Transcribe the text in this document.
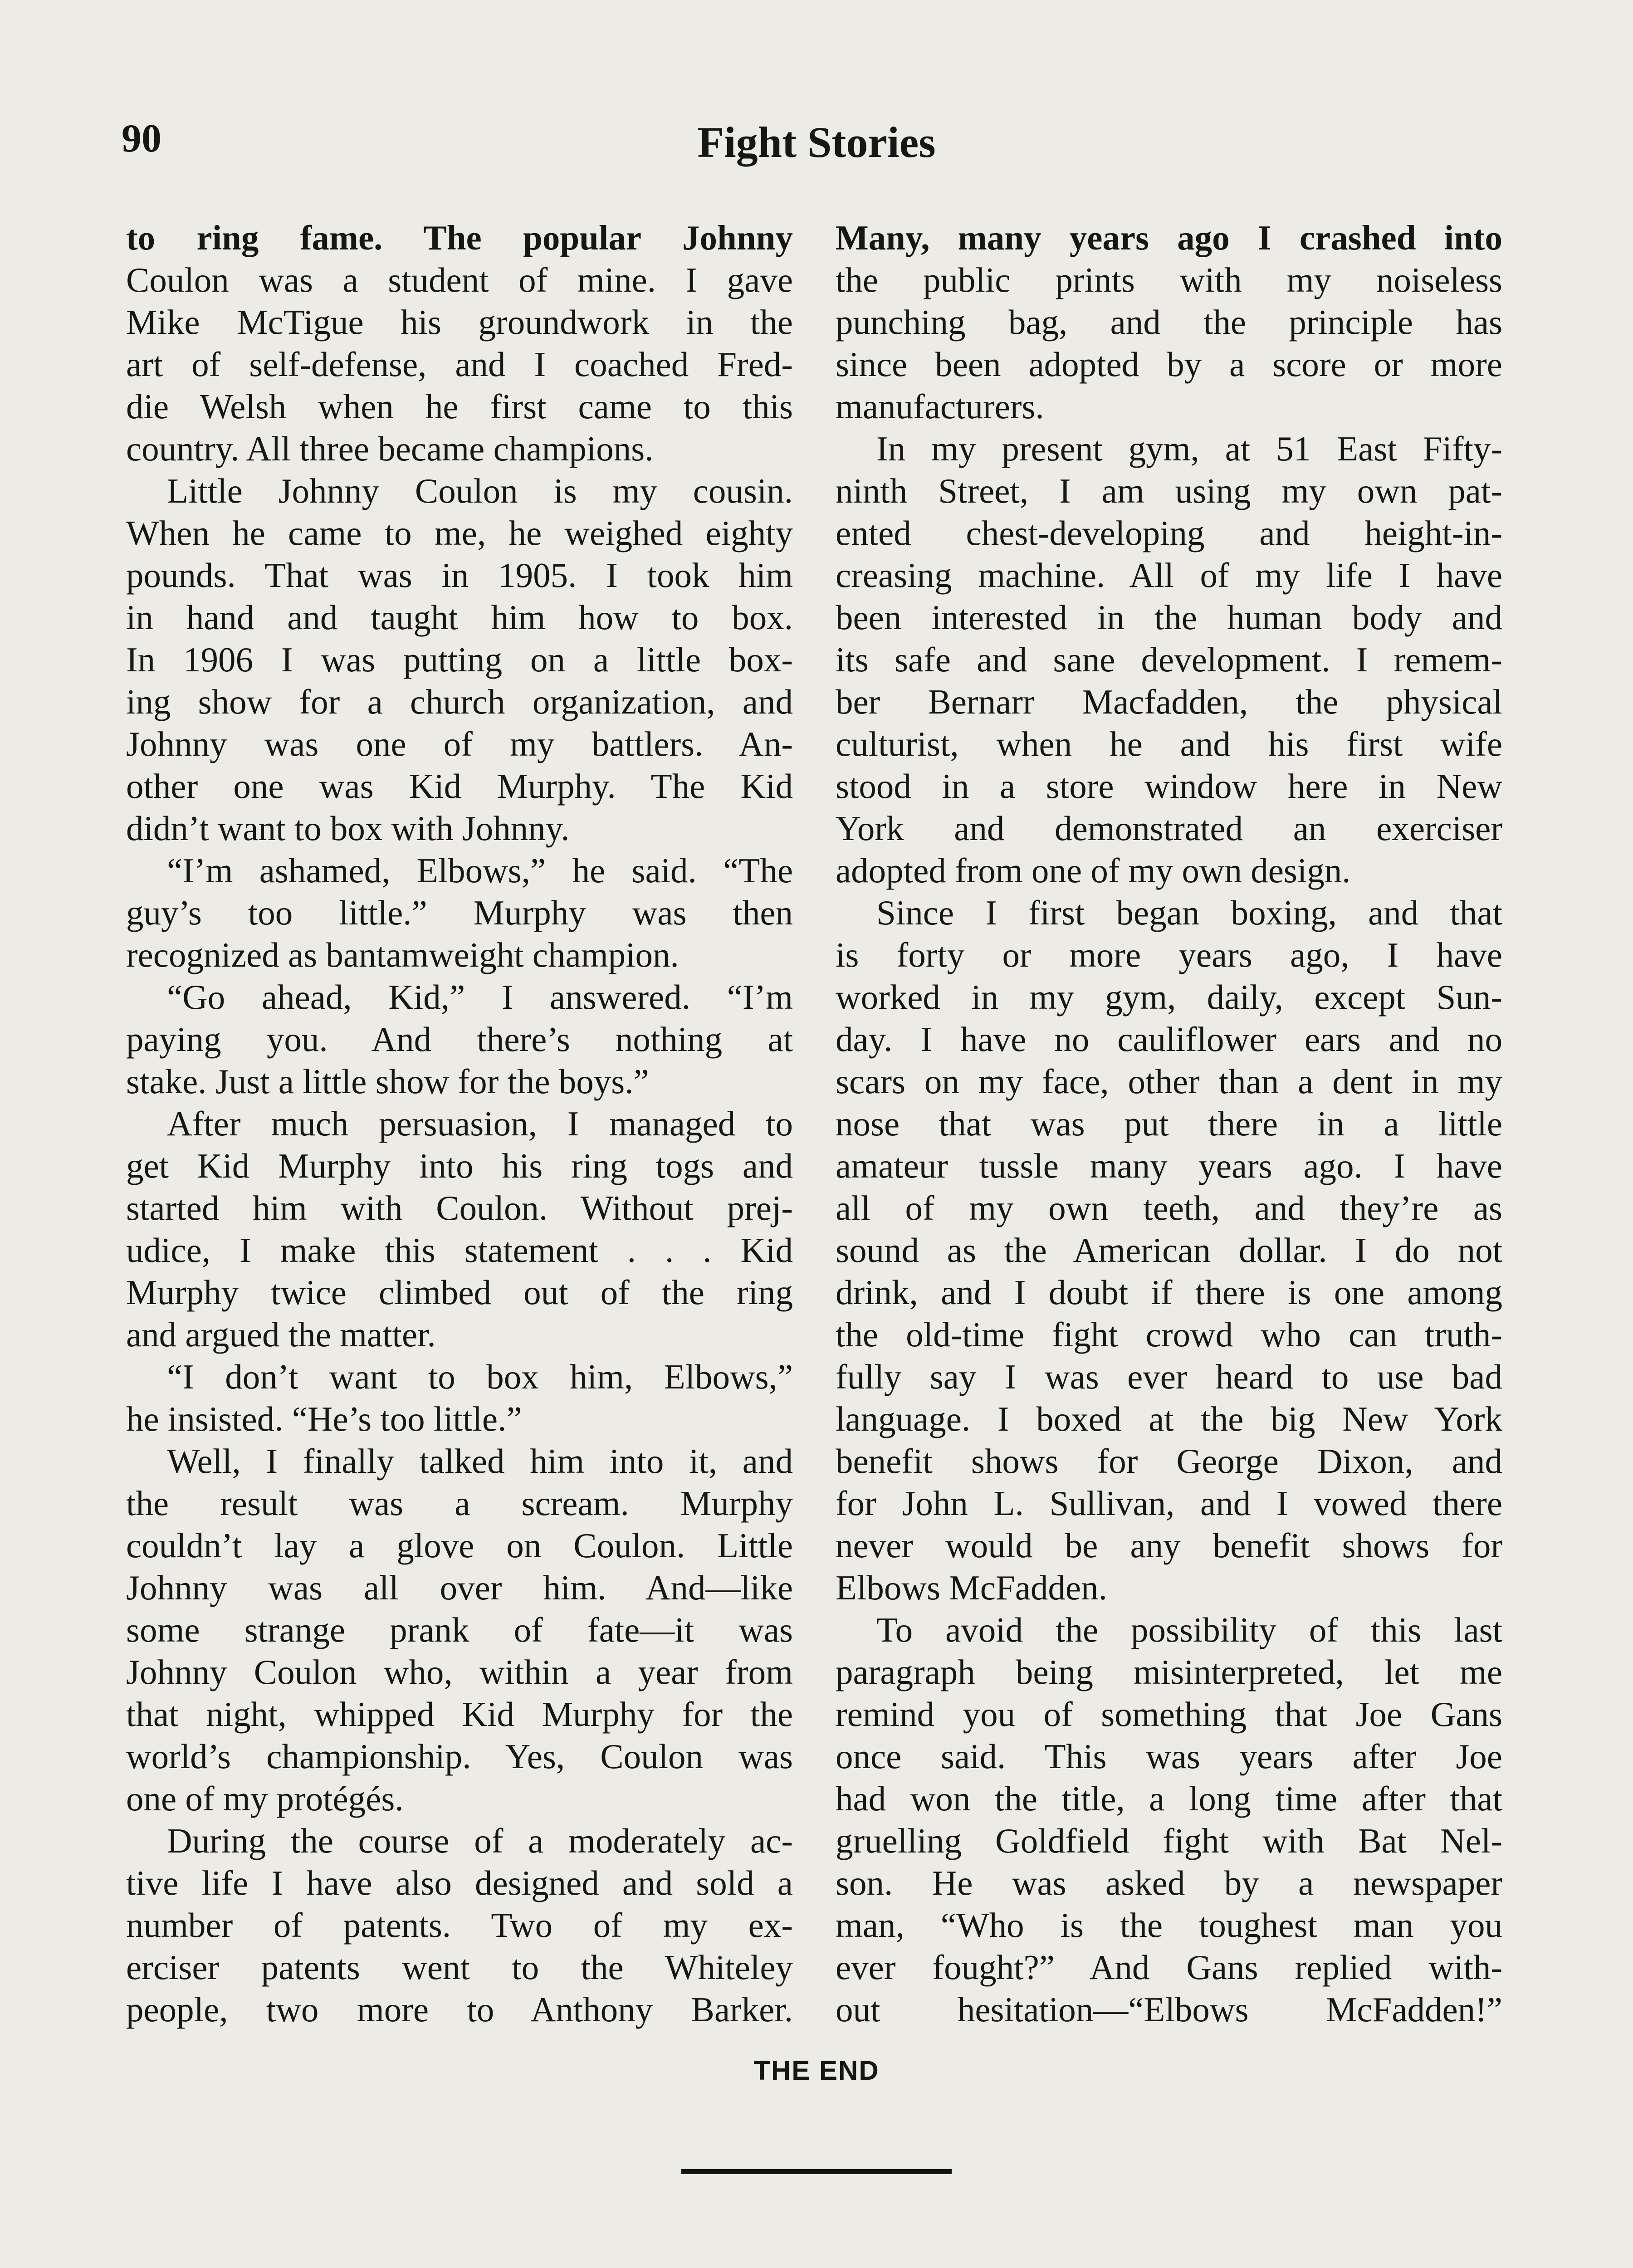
90	Fight Stories
to ring fame. The popular Johnny
Coulon was a student of mine. I gave
Mike McTigue his groundwork in the
art of self-defense, and I coached Fred-
die Welsh when he first came to this
country. All three became champions.
Little Johnny Coulon is my cousin.
When he came to me, he weighed eighty
pounds. That was in 1905. I took him
in hand and taught him how to box.
In 1906 I was putting on a little box-
ing show for a church organization, and
Johnny was one of my battlers. An-
other one was Kid Murphy. The Kid
didn’t want to box with Johnny.
“I’m ashamed, Elbows,” he said. “The
guy’s too little.” Murphy was then
recognized as bantamweight champion.
“Go ahead, Kid,” I answered. “I’m
paying you. And there’s nothing at
stake. Just a little show for the boys.”
After much persuasion, I managed to
get Kid Murphy into his ring togs and
started him with Coulon. Without prej-
udice, I make this statement . . . Kid
Murphy twice climbed out of the ring
and argued the matter.
“I don’t want to box him, Elbows,”
he insisted. “He’s too little.”
Well, I finally talked him into it, and
the result was a scream. Murphy
couldn’t lay a glove on Coulon. Little
Johnny was all over him. And—like
some strange prank of fate—it was
Johnny Coulon who, within a year from
that night, whipped Kid Murphy for the
world’s championship. Yes, Coulon was
one of my protégés.
During the course of a moderately ac-
tive life I have also designed and sold a
number of patents. Two of my ex-
erciser patents went to the Whiteley
people, two more to Anthony Barker.
Many, many years ago I crashed into
the public prints with my noiseless
punching bag, and the principle has
since been adopted by a score or more
manufacturers.
In my present gym, at 51 East Fifty-
ninth Street, I am using my own pat-
ented chest-developing and height-in-
creasing machine. All of my life I have
been interested in the human body and
its safe and sane development. I remem-
ber Bernarr Macfadden, the physical
culturist, when he and his first wife
stood in a store window here in New
York and demonstrated an exerciser
adopted from one of my own design.
Since I first began boxing, and that
is forty or more years ago, I have
worked in my gym, daily, except Sun-
day. I have no cauliflower ears and no
scars on my face, other than a dent in my
nose that was put there in a little
amateur tussle many years ago. I have
all of my own teeth, and they’re as
sound as the American dollar. I do not
drink, and I doubt if there is one among
the old-time fight crowd who can truth-
fully say I was ever heard to use bad
language. I boxed at the big New York
benefit shows for George Dixon, and
for John L. Sullivan, and I vowed there
never would be any benefit shows for
Elbows McFadden.
To avoid the possibility of this last
paragraph being misinterpreted, let me
remind you of something that Joe Gans
once said. This was years after Joe
had won the title, a long time after that
gruelling Goldfield fight with Bat Nel-
son. He was asked by a newspaper
man, “Who is the toughest man you
ever fought?” And Gans replied with-
out hesitation—“Elbows McFadden!”
THE END
